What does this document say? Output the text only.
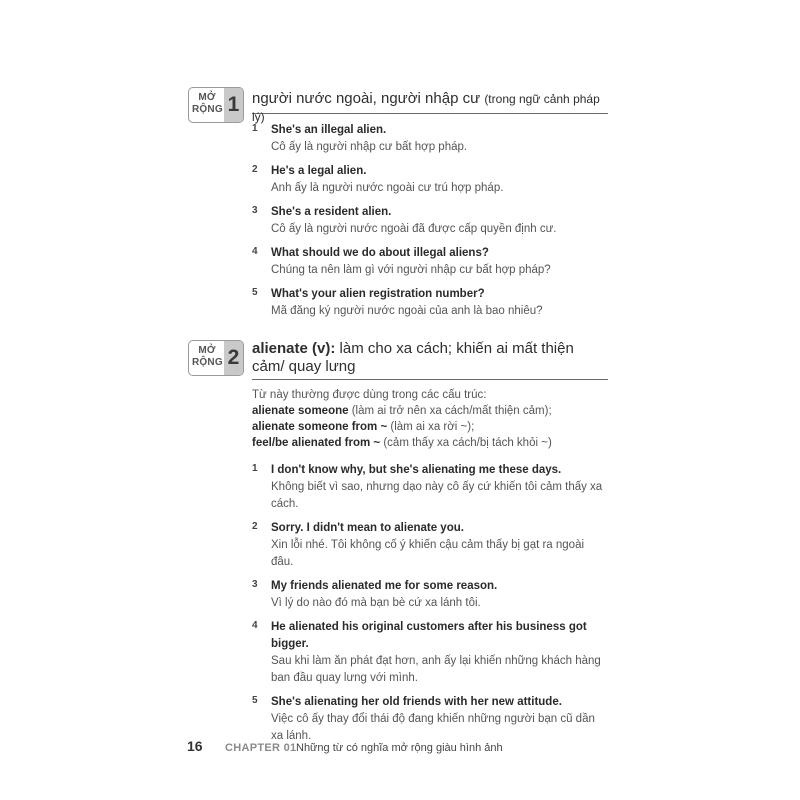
MỞ RỘNG 1 người nước ngoài, người nhập cư (trong ngữ cảnh pháp lý)
1 She's an illegal alien.
Cô ấy là người nhập cư bất hợp pháp.
2 He's a legal alien.
Anh ấy là người nước ngoài cư trú hợp pháp.
3 She's a resident alien.
Cô ấy là người nước ngoài đã được cấp quyền định cư.
4 What should we do about illegal aliens?
Chúng ta nên làm gì với người nhập cư bất hợp pháp?
5 What's your alien registration number?
Mã đăng ký người nước ngoài của anh là bao nhiêu?
MỞ RỘNG 2 alienate (v): làm cho xa cách; khiến ai mất thiện cảm/ quay lưng
Từ này thường được dùng trong các cấu trúc:
alienate someone (làm ai trở nên xa cách/mất thiện cảm);
alienate someone from ~ (làm ai xa rời ~);
feel/be alienated from ~ (cảm thấy xa cách/bị tách khỏi ~)
1 I don't know why, but she's alienating me these days.
Không biết vì sao, nhưng dạo này cô ấy cứ khiến tôi cảm thấy xa cách.
2 Sorry. I didn't mean to alienate you.
Xin lỗi nhé. Tôi không cố ý khiến cậu cảm thấy bị gạt ra ngoài đâu.
3 My friends alienated me for some reason.
Vì lý do nào đó mà bạn bè cứ xa lánh tôi.
4 He alienated his original customers after his business got bigger.
Sau khi làm ăn phát đạt hơn, anh ấy lại khiến những khách hàng ban đầu quay lưng với mình.
5 She's alienating her old friends with her new attitude.
Việc cô ấy thay đổi thái độ đang khiến những người bạn cũ dần xa lánh.
16 CHAPTER 01 Những từ có nghĩa mở rộng giàu hình ảnh
